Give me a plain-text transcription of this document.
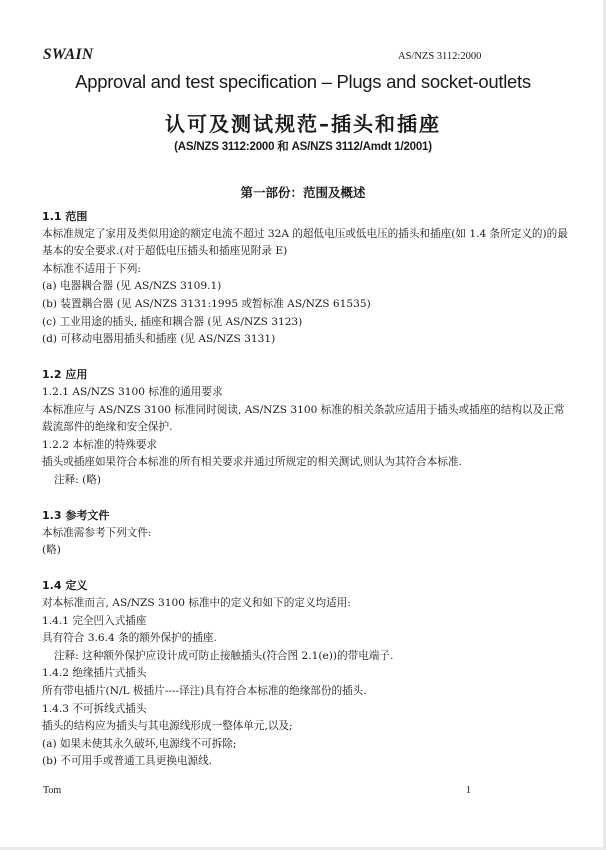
SWAIN	AS/NZS 3112:2000
Approval and test specification – Plugs and socket-outlets
认可及测试规范–插头和插座
(AS/NZS 3112:2000 和 AS/NZS 3112/Amdt 1/2001)
第一部份：范围及概述
1.1 范围
本标准规定了家用及类似用途的额定电流不超过 32A 的超低电压或低电压的插头和插座(如 1.4 条所定义的)的最基本的安全要求.(对于超低电压插头和插座见附录 E)
本标准不适用于下列:
(a) 电器耦合器 (见 AS/NZS 3109.1)
(b) 装置耦合器 (见 AS/NZS 3131:1995 或暂标准 AS/NZS 61535)
(c) 工业用途的插头, 插座和耦合器 (见 AS/NZS 3123)
(d) 可移动电器用插头和插座 (见 AS/NZS 3131)
1.2 应用
1.2.1 AS/NZS 3100 标准的通用要求
本标准应与 AS/NZS 3100 标准同时阅读, AS/NZS 3100 标准的相关条款应适用于插头或插座的结构以及正常载流部件的绝缘和安全保护.
1.2.2 本标准的特殊要求
插头或插座如果符合本标准的所有相关要求并通过所规定的相关测试,则认为其符合本标准.
注释: (略)
1.3 参考文件
本标准需参考下列文件:
(略)
1.4 定义
对本标准而言, AS/NZS 3100 标准中的定义和如下的定义均适用:
1.4.1 完全凹入式插座
具有符合 3.6.4 条的额外保护的插座.
注释: 这种额外保护应设计成可防止接触插头(符合图 2.1(e))的带电端子.
1.4.2 绝缘插片式插头
所有带电插片(N/L 极插片----译注)具有符合本标准的绝缘部份的插头.
1.4.3 不可拆线式插头
插头的结构应为插头与其电源线形成一整体单元,以及;
(a) 如果未使其永久破坏,电源线不可拆除;
(b) 不可用手或普通工具更换电源线.
Tom	1
